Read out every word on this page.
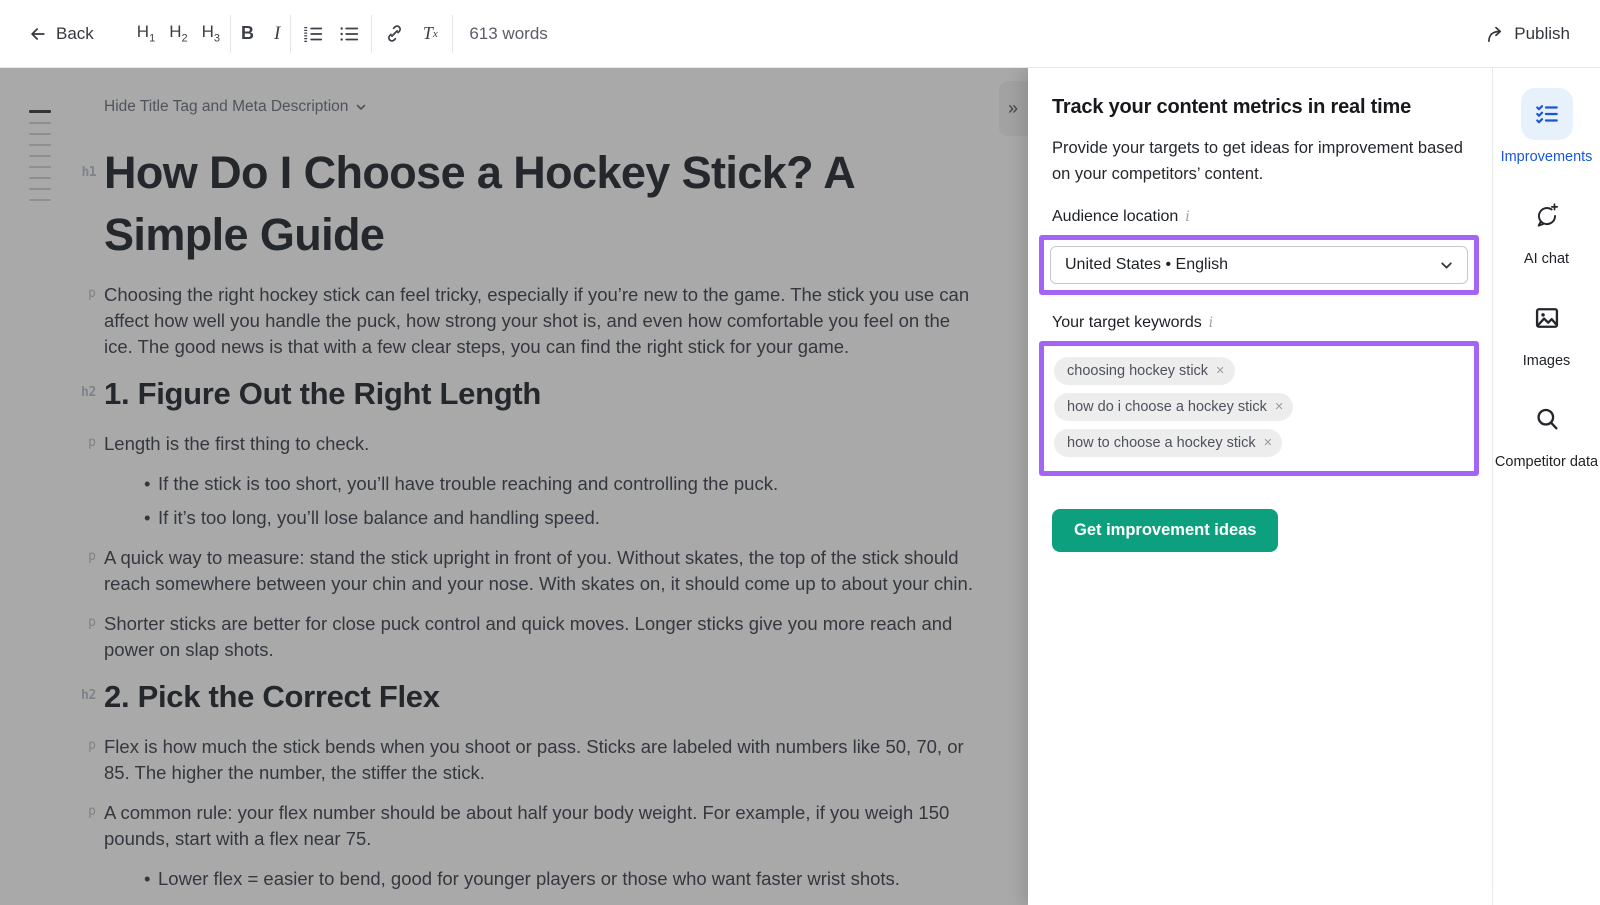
Back	$H_1$ $H_2$ $H_3$ B I	T x 613 words	Publish
Hide Title Tag and Meta Description
h1 How Do I Choose a Hockey Stick? A Simple Guide
p Choosing the right hockey stick can feel tricky, especially if you’re new to the game. The stick you use can affect how well you handle the puck, how strong your shot is, and even how comfortable you feel on the ice. The good news is that with a few clear steps, you can find the right stick for your game.
h2 1. Figure Out the Right Length
p Length is the first thing to check.
• If the stick is too short, you’ll have trouble reaching and controlling the puck.
• If it’s too long, you’ll lose balance and handling speed.
p A quick way to measure: stand the stick upright in front of you. Without skates, the top of the stick should reach somewhere between your chin and your nose. With skates on, it should come up to about your chin.
p Shorter sticks are better for close puck control and quick moves. Longer sticks give you more reach and power on slap shots.
h2 2. Pick the Correct Flex
p Flex is how much the stick bends when you shoot or pass. Sticks are labeled with numbers like 50, 70, or 85. The higher the number, the stiffer the stick.
p A common rule: your flex number should be about half your body weight. For example, if you weigh 150 pounds, start with a flex near 75.
• Lower flex = easier to bend, good for younger players or those who want faster wrist shots.
» Track your content metrics in real time
Provide your targets to get ideas for improvement based on your competitors’ content.
Audience location i
United States • English
Your target keywords i
choosing hockey stick ×
how do i choose a hockey stick ×
how to choose a hockey stick ×
Get improvement ideas
Improvements
AI chat
Images
Competitor data
